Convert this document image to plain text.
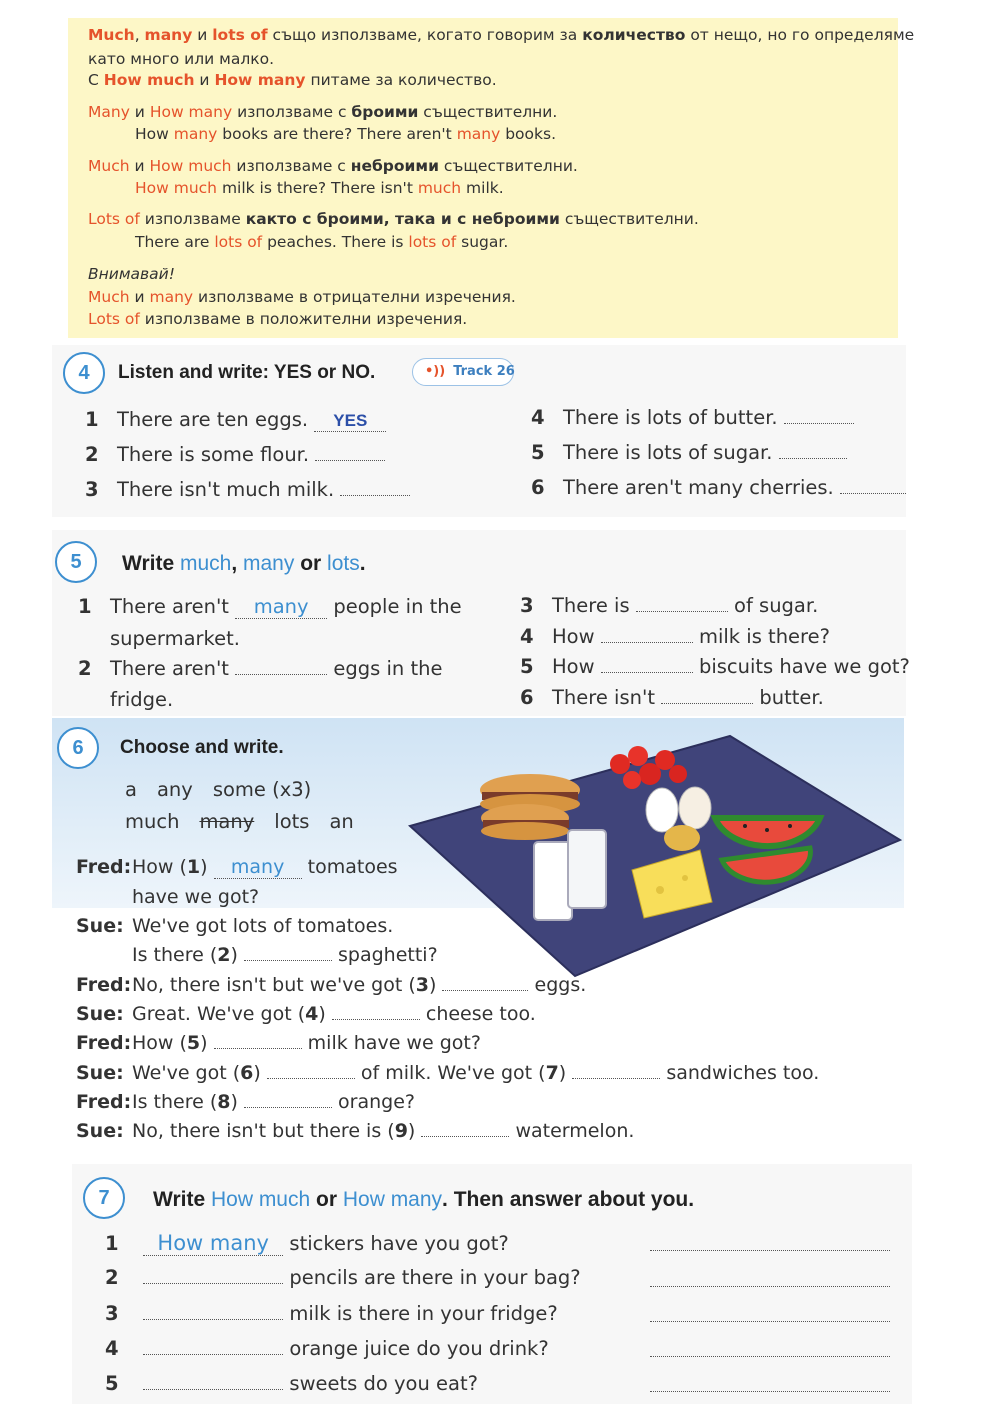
Much, many и lots of също използваме, когато говорим за количество от нещо, но го определяме
като много или малко.
С How much и How many питаме за количество.
Many и How many използваме с броими съществителни.
How many books are there? There aren't many books.
Much и How much използваме с неброими съществителни.
How much milk is there? There isn't much milk.
Lots of използваме както с броими, така и с неброими съществителни.
There are lots of peaches. There is lots of sugar.
Внимавай!
Much и many използваме в отрицателни изречения.
Lots of използваме в положителни изречения.
4	Listen and write: YES or NO.	•)) Track 26
1 There are ten eggs. YES
2 There is some flour.
3 There isn't much milk.
4 There is lots of butter.
5 There is lots of sugar.
6 There aren't many cherries.
5	Write much, many or lots.
1 There aren't many people in the
supermarket.
2 There aren't	eggs in the
fridge.
3 There is	of sugar.
4 How	milk is there?
5 How	biscuits have we got?
6 There isn't	butter.
6	Choose and write.
a any some (x3)
much many lots an
Fred:How (1) many tomatoes
have we got?
Sue: We've got lots of tomatoes.
Is there (2)	spaghetti?
Fred:No, there isn't but we've got (3)	eggs.
Sue: Great. We've got (4)	cheese too.
Fred:How (5)	milk have we got?
Sue: We've got (6)	of milk. We've got (7)	sandwiches too.
Fred:Is there (8)	orange?
Sue: No, there isn't but there is (9)	watermelon.
7	Write How much or How many. Then answer about you.
1 How many stickers have you got?
2	pencils are there in your bag?
3	milk is there in your fridge?
4	orange juice do you drink?
5	sweets do you eat?
